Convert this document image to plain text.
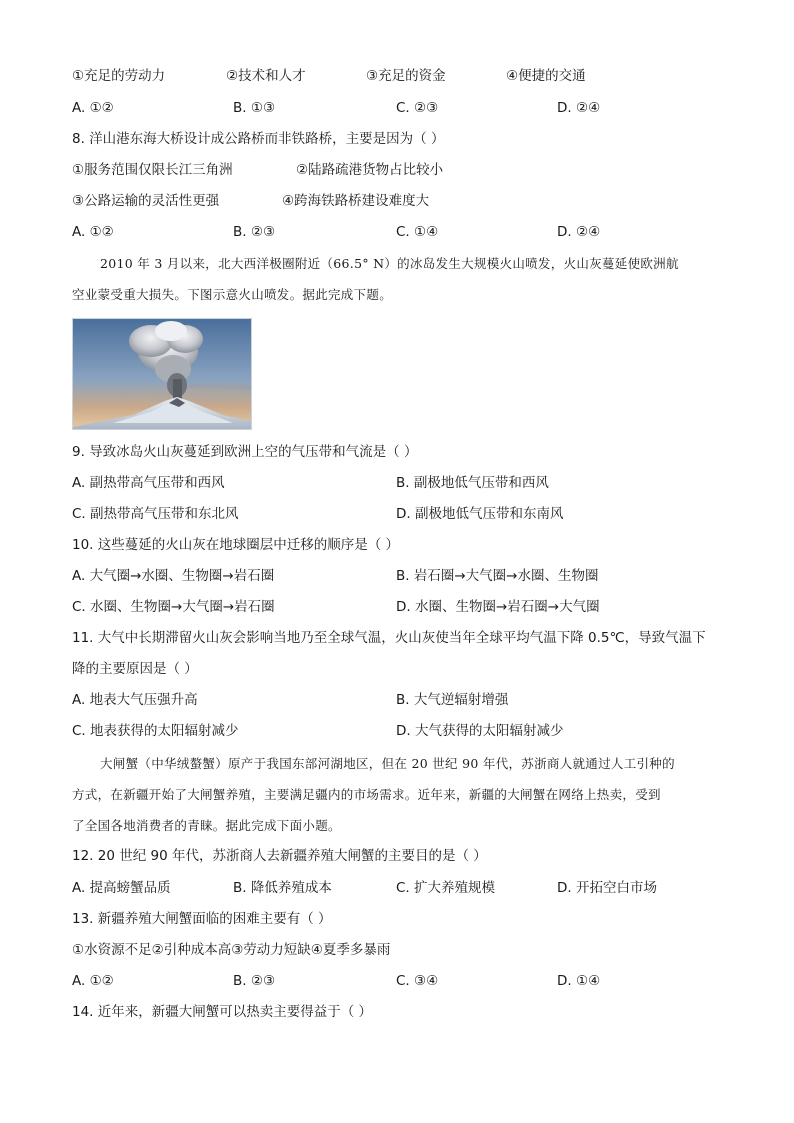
①充足的劳动力	②技术和人才	③充足的资金	④便捷的交通
A. ①②	B. ①③	C. ②③	D. ②④
8. 洋山港东海大桥设计成公路桥而非铁路桥，主要是因为（ ）
①服务范围仅限长江三角洲	②陆路疏港货物占比较小
③公路运输的灵活性更强	④跨海铁路桥建设难度大
A. ①②	B. ②③	C. ①④	D. ②④
2010 年 3 月以来，北大西洋极圈附近（66.5° N）的冰岛发生大规模火山喷发，火山灰蔓延使欧洲航
空业蒙受重大损失。下图示意火山喷发。据此完成下题。
9. 导致冰岛火山灰蔓延到欧洲上空的气压带和气流是（ ）
A. 副热带高气压带和西风	B. 副极地低气压带和西风
C. 副热带高气压带和东北风	D. 副极地低气压带和东南风
10. 这些蔓延的火山灰在地球圈层中迁移的顺序是（ ）
A. 大气圈→水圈、生物圈→岩石圈	B. 岩石圈→大气圈→水圈、生物圈
C. 水圈、生物圈→大气圈→岩石圈	D. 水圈、生物圈→岩石圈→大气圈
11. 大气中长期滞留火山灰会影响当地乃至全球气温，火山灰使当年全球平均气温下降 0.5℃，导致气温下
降的主要原因是（ ）
A. 地表大气压强升高	B. 大气逆辐射增强
C. 地表获得的太阳辐射减少	D. 大气获得的太阳辐射减少
大闸蟹（中华绒螯蟹）原产于我国东部河湖地区，但在 20 世纪 90 年代，苏浙商人就通过人工引种的
方式，在新疆开始了大闸蟹养殖，主要满足疆内的市场需求。近年来，新疆的大闸蟹在网络上热卖，受到
了全国各地消费者的青睐。据此完成下面小题。
12. 20 世纪 90 年代，苏浙商人去新疆养殖大闸蟹的主要目的是（ ）
A. 提高螃蟹品质	B. 降低养殖成本	C. 扩大养殖规模	D. 开拓空白市场
13. 新疆养殖大闸蟹面临的困难主要有（ ）
①水资源不足②引种成本高③劳动力短缺④夏季多暴雨
A. ①②	B. ②③	C. ③④	D. ①④
14. 近年来，新疆大闸蟹可以热卖主要得益于（ ）
